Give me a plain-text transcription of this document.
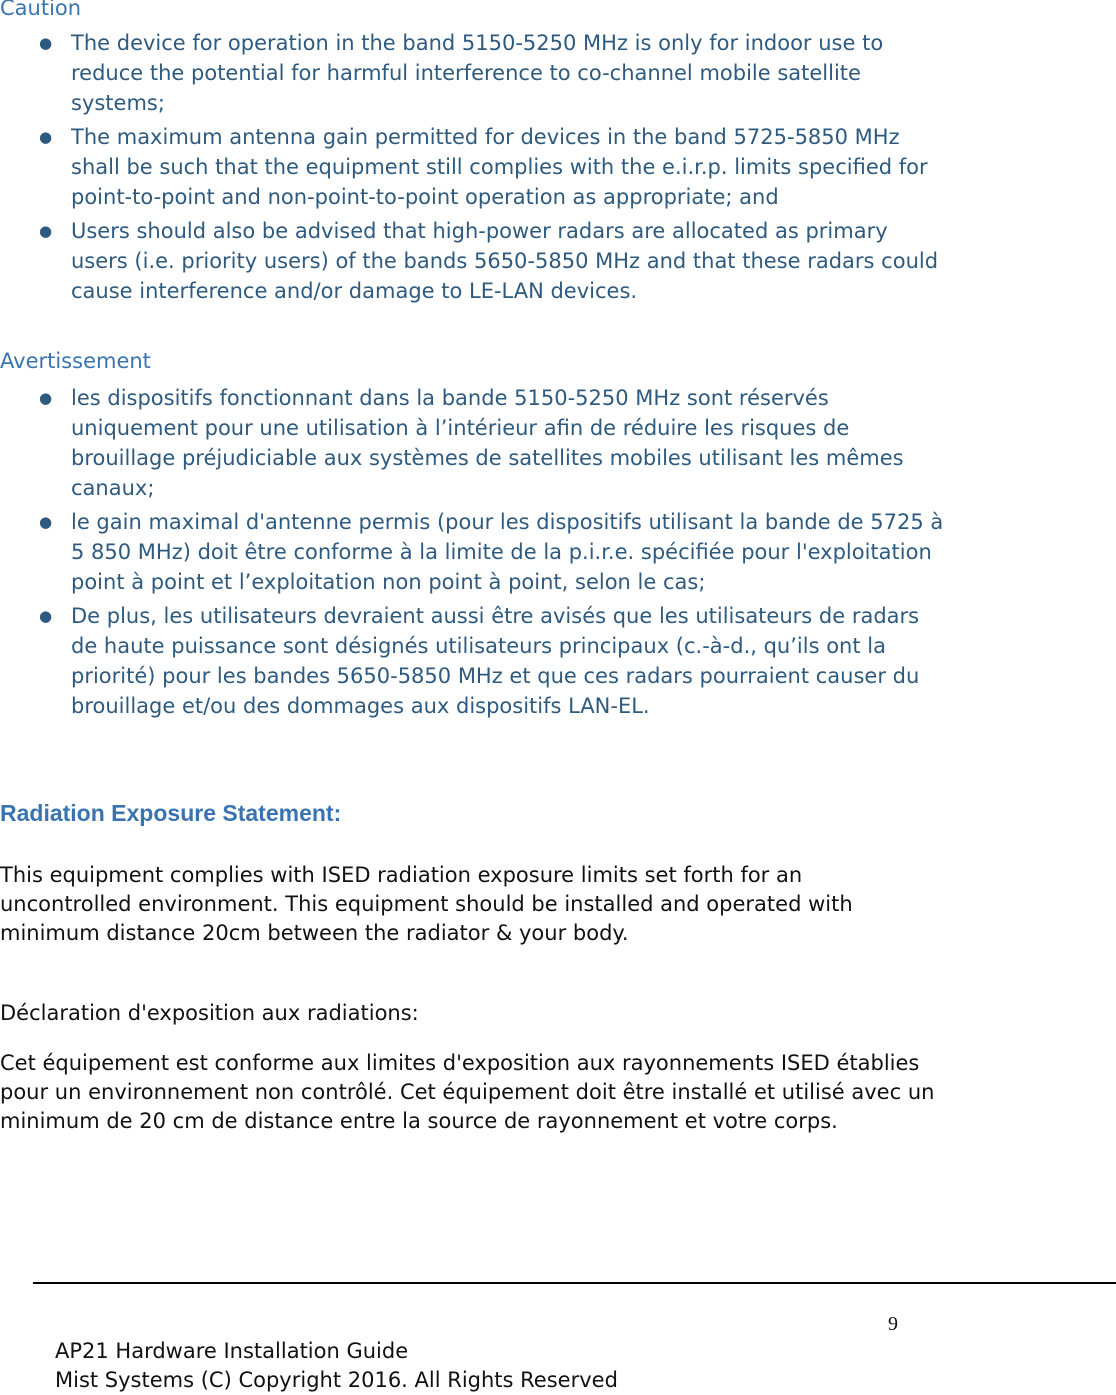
Caution
● The device for operation in the band 5150-5250 MHz is only for indoor use to reduce the potential for harmful interference to co-channel mobile satellite systems;
● The maximum antenna gain permitted for devices in the band 5725-5850 MHz shall be such that the equipment still complies with the e.i.r.p. limits specified for point-to-point and non-point-to-point operation as appropriate; and
● Users should also be advised that high-power radars are allocated as primary users (i.e. priority users) of the bands 5650-5850 MHz and that these radars could cause interference and/or damage to LE-LAN devices.
Avertissement
● les dispositifs fonctionnant dans la bande 5150-5250 MHz sont réservés uniquement pour une utilisation à l’intérieur afin de réduire les risques de brouillage préjudiciable aux systèmes de satellites mobiles utilisant les mêmes canaux;
● le gain maximal d'antenne permis (pour les dispositifs utilisant la bande de 5725 à 5 850 MHz) doit être conforme à la limite de la p.i.r.e. spécifiée pour l'exploitation point à point et l’exploitation non point à point, selon le cas;
● De plus, les utilisateurs devraient aussi être avisés que les utilisateurs de radars de haute puissance sont désignés utilisateurs principaux (c.-à-d., qu’ils ont la priorité) pour les bandes 5650-5850 MHz et que ces radars pourraient causer du brouillage et/ou des dommages aux dispositifs LAN-EL.
Radiation Exposure Statement:
This equipment complies with ISED radiation exposure limits set forth for an uncontrolled environment. This equipment should be installed and operated with minimum distance 20cm between the radiator & your body.
Déclaration d'exposition aux radiations:
Cet équipement est conforme aux limites d'exposition aux rayonnements ISED établies pour un environnement non contrôlé. Cet équipement doit être installé et utilisé avec un minimum de 20 cm de distance entre la source de rayonnement et votre corps.
9
AP21 Hardware Installation Guide
Mist Systems (C) Copyright 2016. All Rights Reserved
